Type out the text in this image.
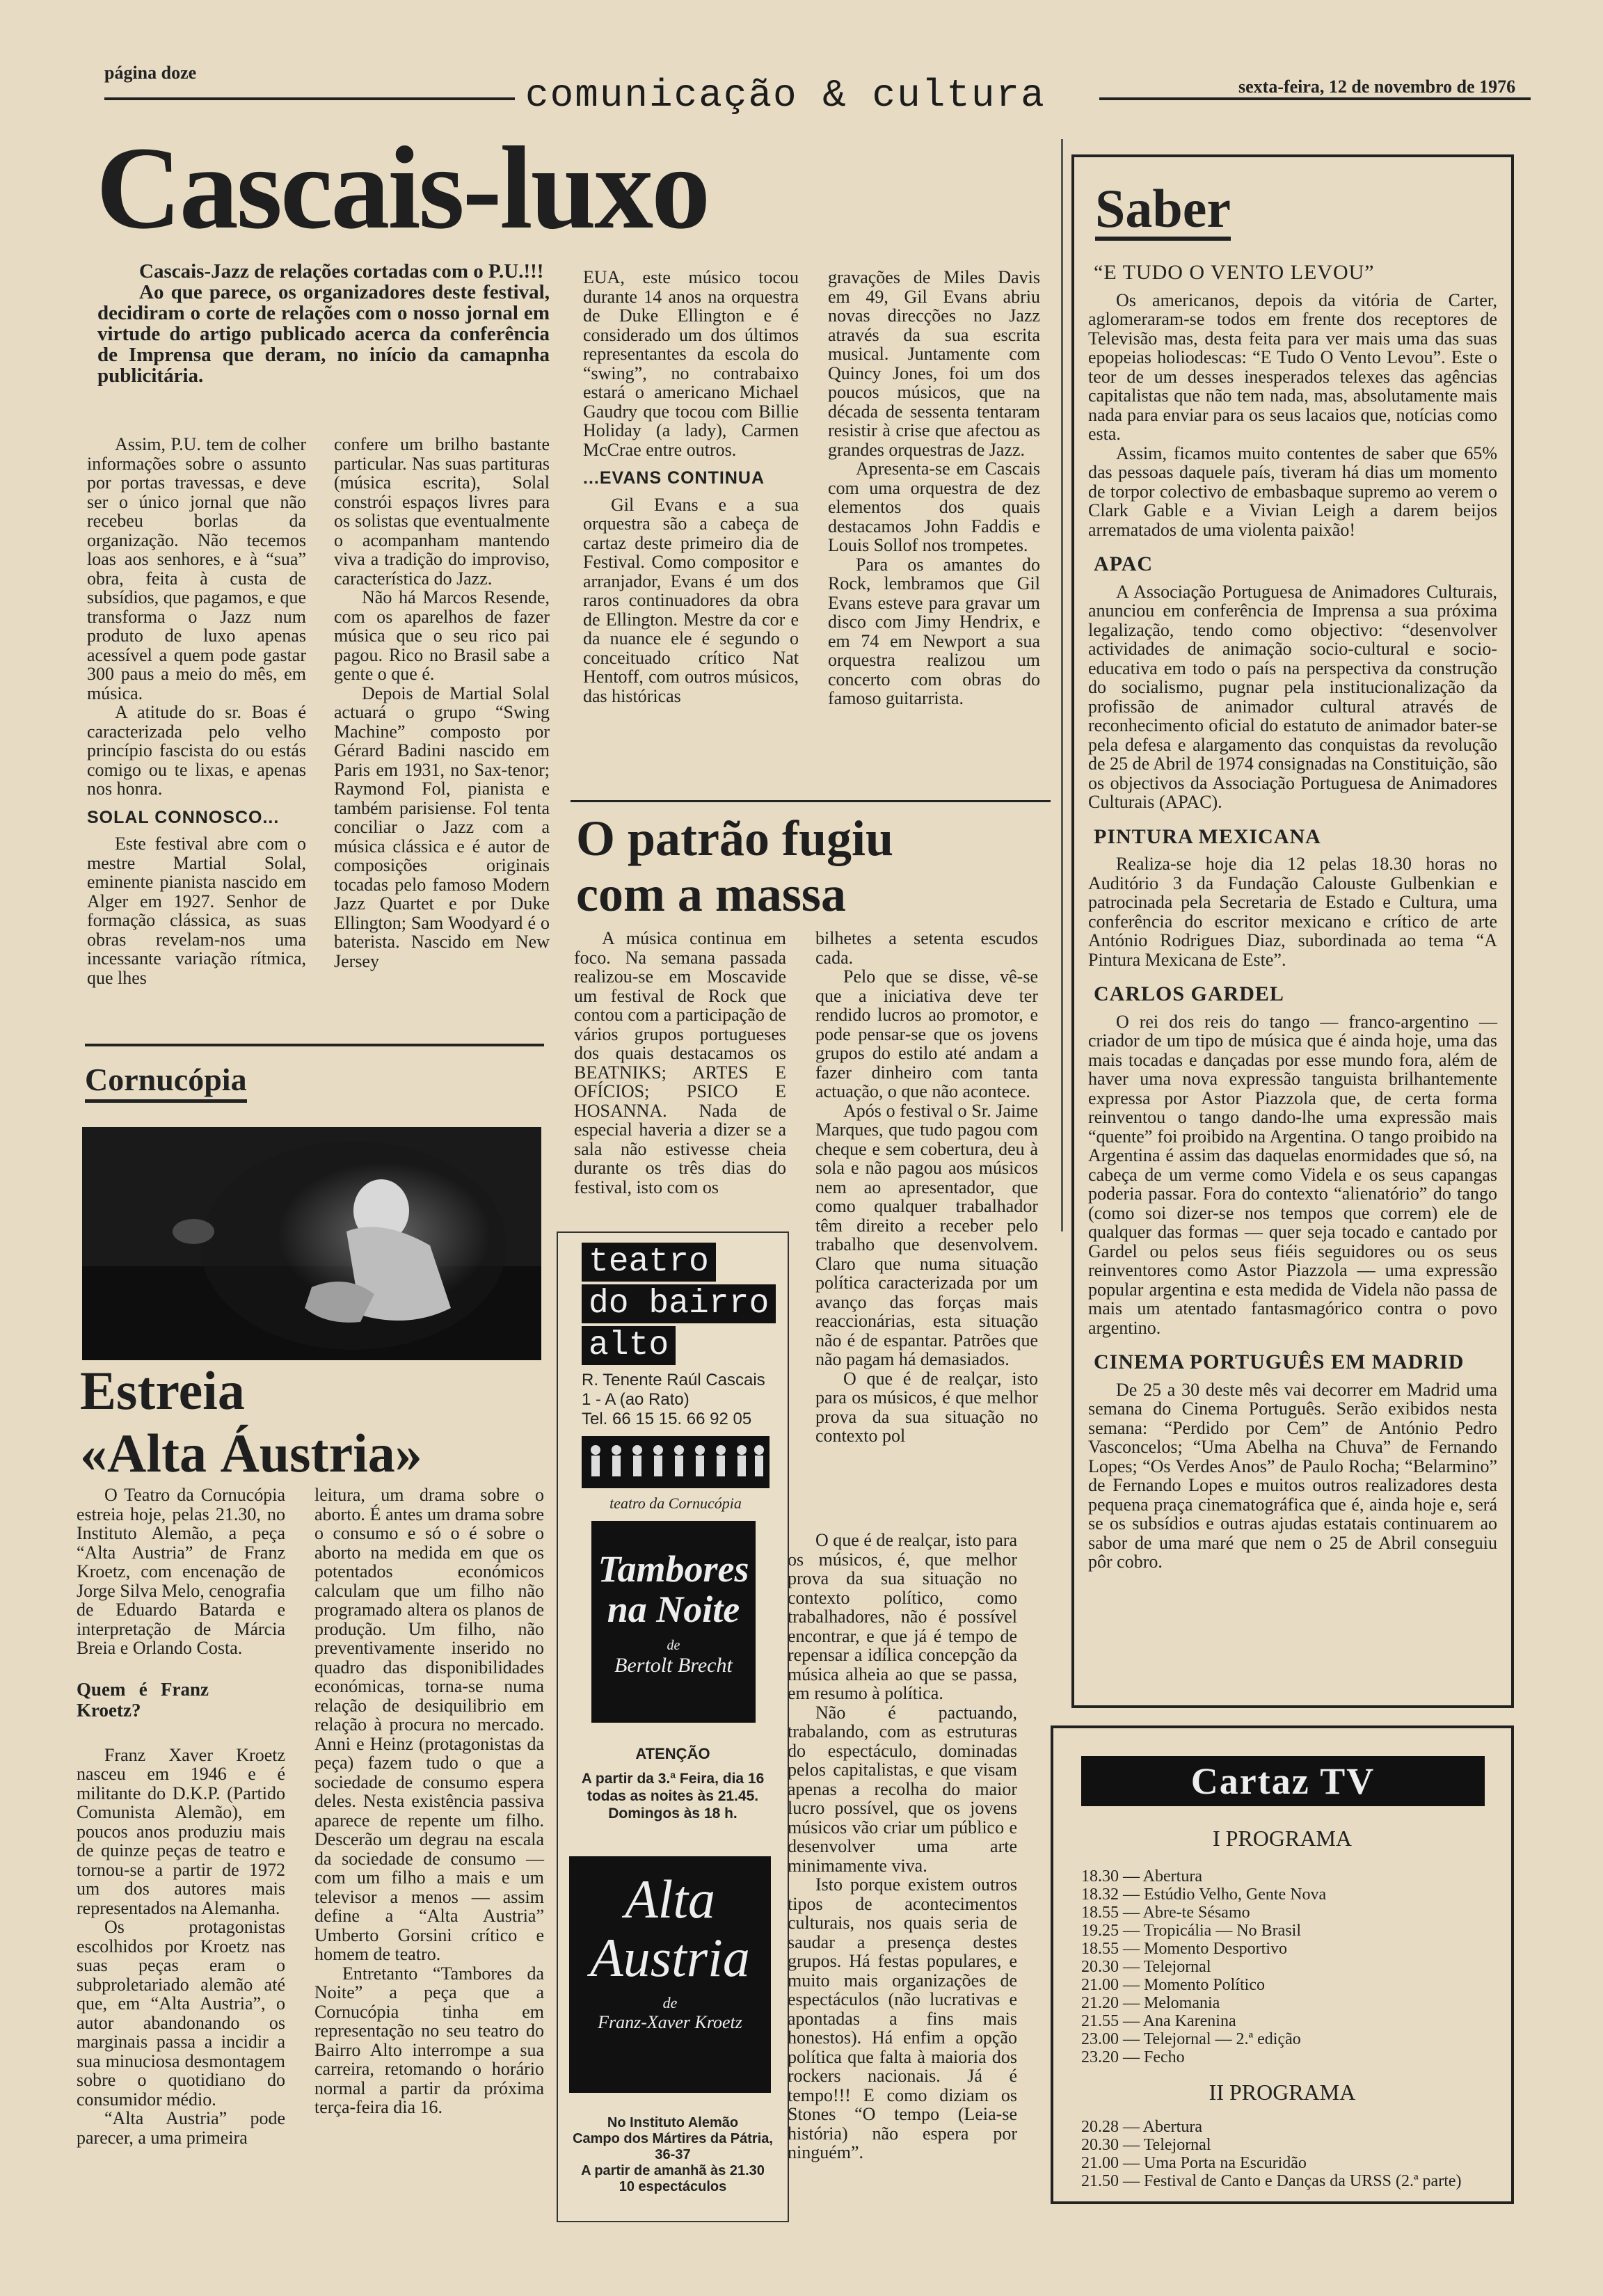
página doze
comunicação & cultura	sexta-feira, 12 de novembro de 1976
Cascais-luxo

Cascais-Jazz de relações cortadas com o P.U.!!!

Ao que parece, os organizadores deste festival, decidiram o corte de relações com o nosso jornal em virtude do artigo publicado acerca da conferência de Imprensa que deram, no início da camapnha publicitária.

Assim, P.U. tem de colher informações sobre o assunto por portas travessas, e deve ser o único jornal que não recebeu borlas da organização. Não tecemos loas aos senhores, e à “sua” obra, feita à custa de subsídios, que pagamos, e que transforma o Jazz num produto de luxo apenas acessível a quem pode gastar 300 paus a meio do mês, em música.

A atitude do sr. Boas é caracterizada pelo velho princípio fascista do ou estás comigo ou te lixas, e apenas nos honra.

SOLAL CONNOSCO...

Este festival abre com o mestre Martial Solal, eminente pianista nascido em Alger em 1927. Senhor de formação clássica, as suas obras revelam-nos uma incessante variação rítmica, que lhes

confere um brilho bastante particular. Nas suas partituras (música escrita), Solal constrói espaços livres para os solistas que eventualmente o acompanham mantendo viva a tradição do improviso, característica do Jazz.

Não há Marcos Resende, com os aparelhos de fazer música que o seu rico pai pagou. Rico no Brasil sabe a gente o que é.

Depois de Martial Solal actuará o grupo “Swing Machine” composto por Gérard Badini nascido em Paris em 1931, no Sax-tenor; Raymond Fol, pianista e também parisiense. Fol tenta conciliar o Jazz com a música clássica e é autor de composições originais tocadas pelo famoso Modern Jazz Quartet e por Duke Ellington; Sam Woodyard é o baterista. Nascido em New Jersey

EUA, este músico tocou durante 14 anos na orquestra de Duke Ellington e é considerado um dos últimos representantes da escola do “swing”, no contrabaixo estará o americano Michael Gaudry que tocou com Billie Holiday (a lady), Carmen McCrae entre outros.

...EVANS CONTINUA

Gil Evans e a sua orquestra são a cabeça de cartaz deste primeiro dia de Festival. Como compositor e arranjador, Evans é um dos raros continuadores da obra de Ellington. Mestre da cor e da nuance ele é segundo o conceituado crítico Nat Hentoff, com outros músicos, das históricas

gravações de Miles Davis em 49, Gil Evans abriu novas direcções no Jazz através da sua escrita musical. Juntamente com Quincy Jones, foi um dos poucos músicos, que na década de sessenta tentaram resistir à crise que afectou as grandes orquestras de Jazz.

Apresenta-se em Cascais com uma orquestra de dez elementos dos quais destacamos John Faddis e Louis Sollof nos trompetes.

Para os amantes do Rock, lembramos que Gil Evans esteve para gravar um disco com Jimy Hendrix, e em 74 em Newport a sua orquestra realizou um concerto com obras do famoso guitarrista.

Cornucópia
Estreia
«Alta Áustria»

O Teatro da Cornucópia estreia hoje, pelas 21.30, no Instituto Alemão, a peça “Alta Austria” de Franz Kroetz, com encenação de Jorge Silva Melo, cenografia de Eduardo Batarda e interpretação de Márcia Breia e Orlando Costa.

Quem é Franz Kroetz?

Franz Xaver Kroetz nasceu em 1946 e é militante do D.K.P. (Partido Comunista Alemão), em poucos anos produziu mais de quinze peças de teatro e tornou-se a partir de 1972 um dos autores mais representados na Alemanha.

Os protagonistas escolhidos por Kroetz nas suas peças eram o subproletariado alemão até que, em “Alta Austria”, o autor abandonando os marginais passa a incidir a sua minuciosa desmontagem sobre o quotidiano do consumidor médio.

“Alta Austria” pode parecer, a uma primeira

leitura, um drama sobre o aborto. É antes um drama sobre o consumo e só o é sobre o aborto na medida em que os potentados económicos calculam que um filho não programado altera os planos de produção. Um filho, não preventivamente inserido no quadro das disponibilidades económicas, torna-se numa relação de desiquilibrio em relação à procura no mercado. Anni e Heinz (protagonistas da peça) fazem tudo o que a sociedade de consumo espera deles. Nesta existência passiva aparece de repente um filho. Descerão um degrau na escala da sociedade de consumo — com um filho a mais e um televisor a menos — assim define a “Alta Austria” Umberto Gorsini crítico e homem de teatro.

Entretanto “Tambores da Noite” a peça que a Cornucópia tinha em representação no seu teatro do Bairro Alto interrompe a sua carreira, retomando o horário normal a partir da próxima terça-feira dia 16.

teatro
do bairro
alto
R. Tenente Raúl Cascais
1 - A (ao Rato)
Tel. 66 15 15. 66 92 05
teatro da Cornucópia
Tambores
na Noite
de
Bertolt Brecht
ATENÇÃO
A partir da 3.ª Feira, dia 16 todas as noites às 21.45. Domingos às 18 h.
Alta
Austria
de
Franz-Xaver Kroetz
No Instituto Alemão
Campo dos Mártires da Pátria, 36-37
A partir de amanhã às 21.30
10 espectáculos
O patrão fugiu
com a massa

A música continua em foco. Na semana passada realizou-se em Moscavide um festival de Rock que contou com a participação de vários grupos portugueses dos quais destacamos os BEATNIKS; ARTES E OFÍCIOS; PSICO E HOSANNA. Nada de especial haveria a dizer se a sala não estivesse cheia durante os três dias do festival, isto com os

bilhetes a setenta escudos cada.

Pelo que se disse, vê-se que a iniciativa deve ter rendido lucros ao promotor, e pode pensar-se que os jovens grupos do estilo até andam a fazer dinheiro com tanta actuação, o que não acontece.

Após o festival o Sr. Jaime Marques, que tudo pagou com cheque e sem cobertura, deu à sola e não pagou aos músicos nem ao apresentador, que como qualquer trabalhador têm direito a receber pelo trabalho que desenvolvem. Claro que numa situação política caracterizada por um avanço das forças mais reaccionárias, esta situação não é de espantar. Patrões que não pagam há demasiados.

O que é de realçar, isto para os músicos, é que melhor prova da sua situação no contexto pol

O que é de realçar, isto para os músicos, é, que melhor prova da sua situação no contexto político, como trabalhadores, não é possível encontrar, e que já é tempo de repensar a idílica concepção da música alheia ao que se passa, em resumo à política.

Não é pactuando, trabalando, com as estruturas do espectáculo, dominadas pelos capitalistas, e que visam apenas a recolha do maior lucro possível, que os jovens músicos vão criar um público e desenvolver uma arte minimamente viva.

Isto porque existem outros tipos de acontecimentos culturais, nos quais seria de saudar a presença destes grupos. Há festas populares, e muito mais organizações de espectáculos (não lucrativas e apontadas a fins mais honestos). Há enfim a opção política que falta à maioria dos rockers nacionais. Já é tempo!!! E como diziam os Stones “O tempo (Leia-se história) não espera por ninguém”.

Saber
“E TUDO O VENTO LEVOU”

Os americanos, depois da vitória de Carter, aglomeraram-se todos em frente dos receptores de Televisão mas, desta feita para ver mais uma das suas epopeias holiodescas: “E Tudo O Vento Levou”. Este o teor de um desses inesperados telexes das agências capitalistas que não tem nada, mas, absolutamente mais nada para enviar para os seus lacaios que, notícias como esta.

Assim, ficamos muito contentes de saber que 65% das pessoas daquele país, tiveram há dias um momento de torpor colectivo de embasbaque supremo ao verem o Clark Gable e a Vivian Leigh a darem beijos arrematados de uma violenta paixão!

APAC

A Associação Portuguesa de Animadores Culturais, anunciou em conferência de Imprensa a sua próxima legalização, tendo como objectivo: “desenvolver actividades de animação socio-cultural e socio-educativa em todo o país na perspectiva da construção do socialismo, pugnar pela institucionalização da profissão de animador cultural através de reconhecimento oficial do estatuto de animador bater-se pela defesa e alargamento das conquistas da revolução de 25 de Abril de 1974 consignadas na Constituição, são os objectivos da Associação Portuguesa de Animadores Culturais (APAC).

PINTURA MEXICANA

Realiza-se hoje dia 12 pelas 18.30 horas no Auditório 3 da Fundação Calouste Gulbenkian e patrocinada pela Secretaria de Estado e Cultura, uma conferência do escritor mexicano e crítico de arte António Rodrigues Diaz, subordinada ao tema “A Pintura Mexicana de Este”.

CARLOS GARDEL

O rei dos reis do tango — franco-argentino — criador de um tipo de música que é ainda hoje, uma das mais tocadas e dançadas por esse mundo fora, além de haver uma nova expressão tanguista brilhantemente expressa por Astor Piazzola que, de certa forma reinventou o tango dando-lhe uma expressão mais “quente” foi proibido na Argentina. O tango proibido na Argentina é assim das daquelas enormidades que só, na cabeça de um verme como Videla e os seus capangas poderia passar. Fora do contexto “alienatório” do tango (como soi dizer-se nos tempos que correm) ele de qualquer das formas — quer seja tocado e cantado por Gardel ou pelos seus fiéis seguidores ou os seus reinventores como Astor Piazzola — uma expressão popular argentina e esta medida de Videla não passa de mais um atentado fantasmagórico contra o povo argentino.

CINEMA PORTUGUÊS EM MADRID

De 25 a 30 deste mês vai decorrer em Madrid uma semana do Cinema Português. Serão exibidos nesta semana: “Perdido por Cem” de António Pedro Vasconcelos; “Uma Abelha na Chuva” de Fernando Lopes; “Os Verdes Anos” de Paulo Rocha; “Belarmino” de Fernando Lopes e muitos outros realizadores desta pequena praça cinematográfica que é, ainda hoje e, será se os subsídios e outras ajudas estatais continuarem ao sabor de uma maré que nem o 25 de Abril conseguiu pôr cobro.

Cartaz TV
I PROGRAMA

18.30 — Abertura

18.32 — Estúdio Velho, Gente Nova

18.55 — Abre-te Sésamo

19.25 — Tropicália — No Brasil

18.55 — Momento Desportivo

20.30 — Telejornal

21.00 — Momento Político

21.20 — Melomania

21.55 — Ana Karenina

23.00 — Telejornal — 2.ª edição

23.20 — Fecho

II PROGRAMA

20.28 — Abertura

20.30 — Telejornal

21.00 — Uma Porta na Escuridão

21.50 — Festival de Canto e Danças da URSS (2.ª parte)
